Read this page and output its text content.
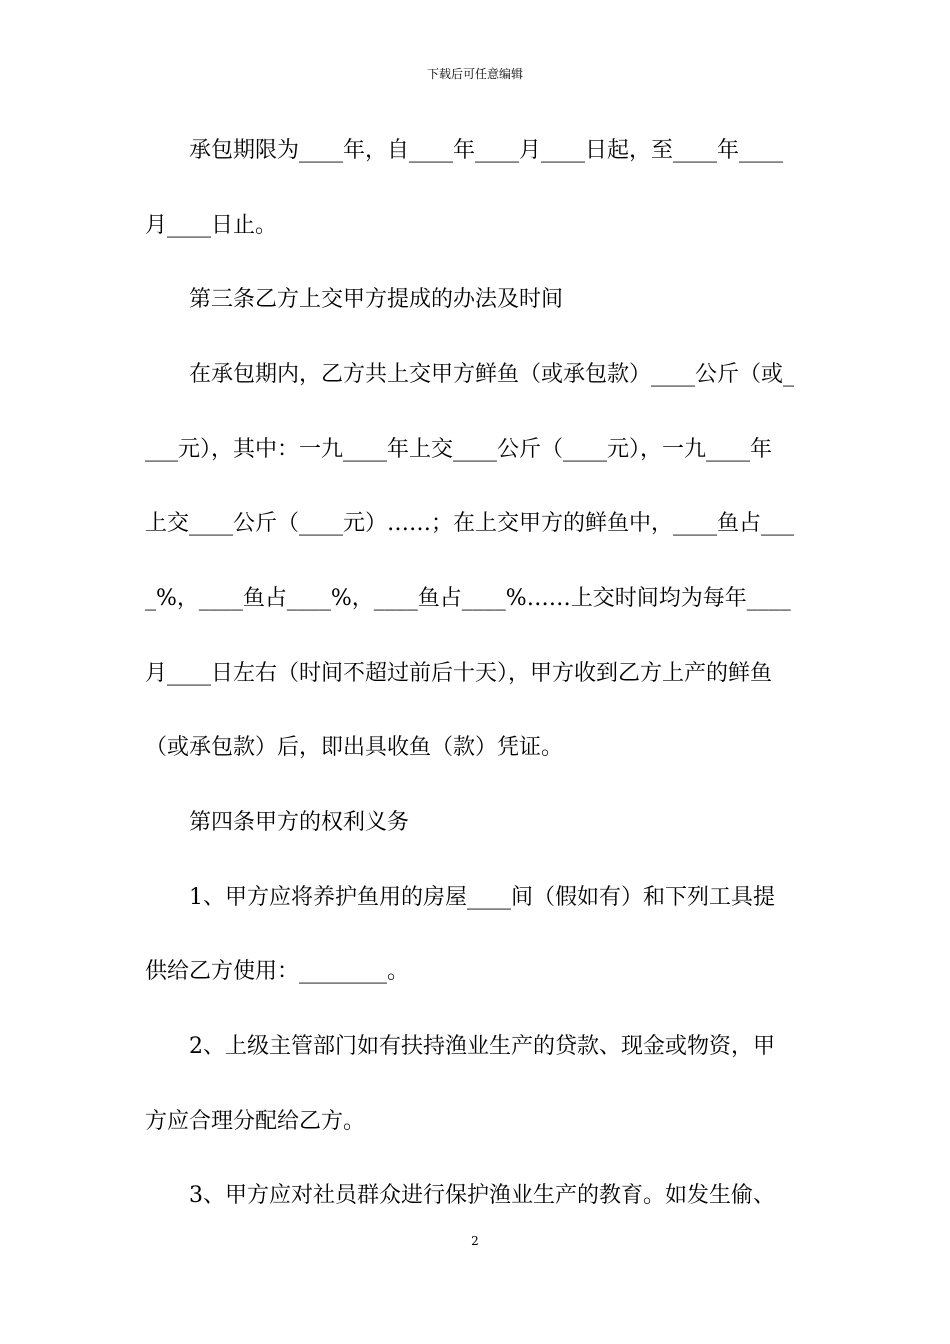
下载后可任意编辑
　　承包期限为____年，自____年____月____日起，至____年____
月____日止。
　　第三条乙方上交甲方提成的办法及时间
　　在承包期内，乙方共上交甲方鲜鱼（或承包款）____公斤（或_
___元），其中：一九____年上交____公斤（____元），一九____年
上交____公斤（____元）……；在上交甲方的鲜鱼中，____鱼占___
_%，____鱼占____%，____鱼占____%……上交时间均为每年____
月____日左右（时间不超过前后十天），甲方收到乙方上产的鲜鱼
（或承包款）后，即出具收鱼（款）凭证。
　　第四条甲方的权利义务
　　1、甲方应将养护鱼用的房屋____间（假如有）和下列工具提
供给乙方使用：________。
　　2、上级主管部门如有扶持渔业生产的贷款、现金或物资，甲
方应合理分配给乙方。
　　3、甲方应对社员群众进行保护渔业生产的教育。如发生偷、
2
